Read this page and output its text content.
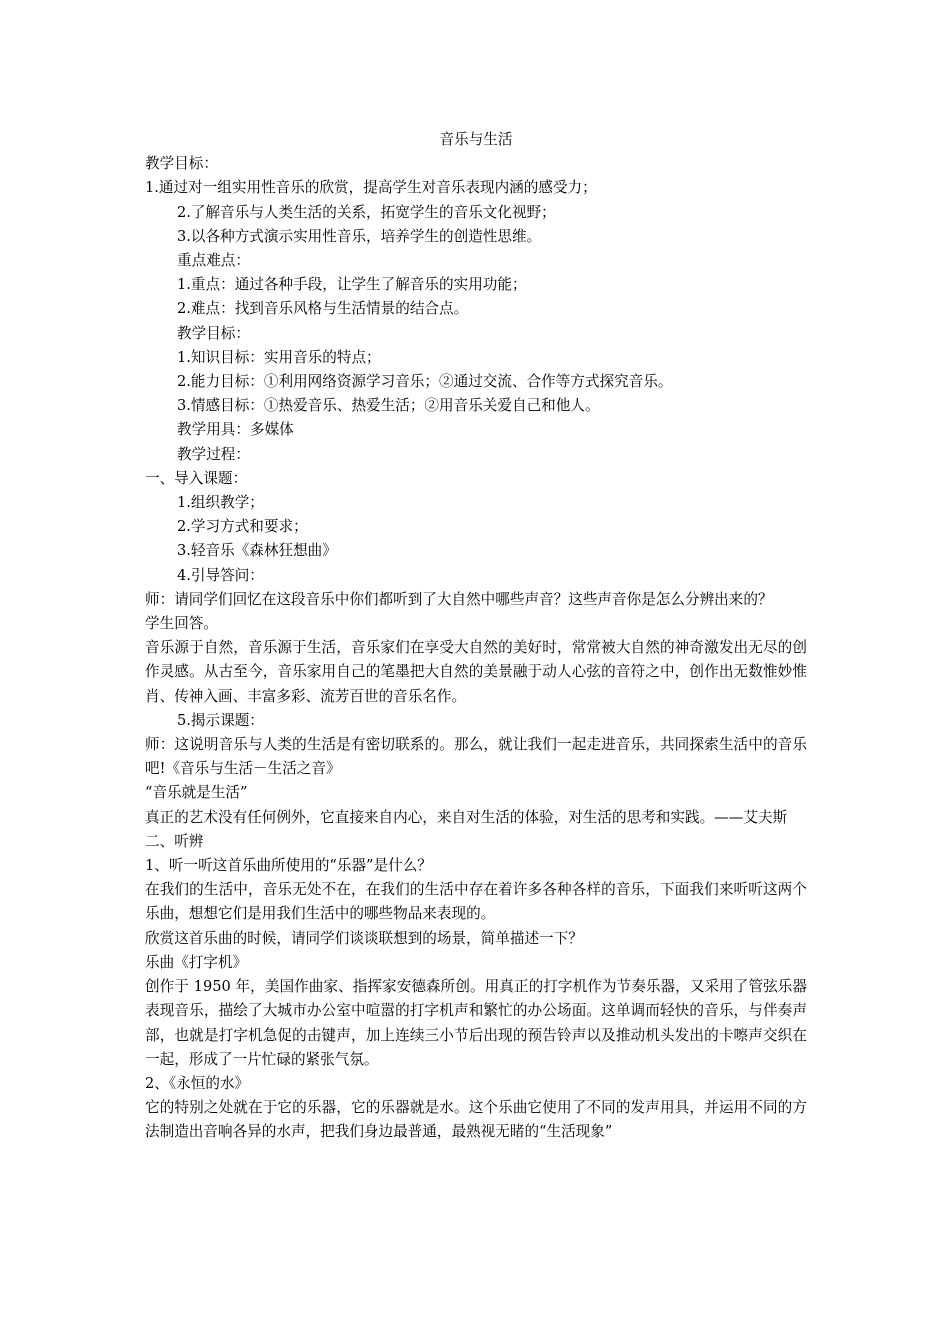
音乐与生活

教学目标：

1.通过对一组实用性音乐的欣赏，提高学生对音乐表现内涵的感受力；

2.了解音乐与人类生活的关系，拓宽学生的音乐文化视野；

3.以各种方式演示实用性音乐，培养学生的创造性思维。

重点难点：

1.重点：通过各种手段，让学生了解音乐的实用功能；

2.难点：找到音乐风格与生活情景的结合点。

教学目标：

1.知识目标：实用音乐的特点；

2.能力目标：①利用网络资源学习音乐；②通过交流、合作等方式探究音乐。

3.情感目标：①热爱音乐、热爱生活；②用音乐关爱自己和他人。

教学用具：多媒体

教学过程：

一、导入课题：

1.组织教学；

2.学习方式和要求；

3.轻音乐《森林狂想曲》

4.引导答问：

师：请同学们回忆在这段音乐中你们都听到了大自然中哪些声音？这些声音你是怎么分辨出来的？

学生回答。

音乐源于自然，音乐源于生活，音乐家们在享受大自然的美好时，常常被大自然的神奇激发出无尽的创作灵感。从古至今，音乐家用自己的笔墨把大自然的美景融于动人心弦的音符之中，创作出无数惟妙惟肖、传神入画、丰富多彩、流芳百世的音乐名作。

5.揭示课题：

师：这说明音乐与人类的生活是有密切联系的。那么，就让我们一起走进音乐，共同探索生活中的音乐吧!《音乐与生活－生活之音》

“音乐就是生活”

真正的艺术没有任何例外，它直接来自内心，来自对生活的体验，对生活的思考和实践。——艾夫斯

二、听辨

1、听一听这首乐曲所使用的“乐器”是什么？

在我们的生活中，音乐无处不在，在我们的生活中存在着许多各种各样的音乐，下面我们来听听这两个乐曲，想想它们是用我们生活中的哪些物品来表现的。

欣赏这首乐曲的时候，请同学们谈谈联想到的场景，简单描述一下？

乐曲《打字机》

创作于 1950 年，美国作曲家、指挥家安德森所创。用真正的打字机作为节奏乐器，又采用了管弦乐器表现音乐，描绘了大城市办公室中喧嚣的打字机声和繁忙的办公场面。这单调而轻快的音乐，与伴奏声部，也就是打字机急促的击键声，加上连续三小节后出现的预告铃声以及推动机头发出的卡嚓声交织在一起，形成了一片忙碌的紧张气氛。

2、《永恒的水》

它的特别之处就在于它的乐器，它的乐器就是水。这个乐曲它使用了不同的发声用具，并运用不同的方法制造出音响各异的水声，把我们身边最普通，最熟视无睹的“生活现象”
